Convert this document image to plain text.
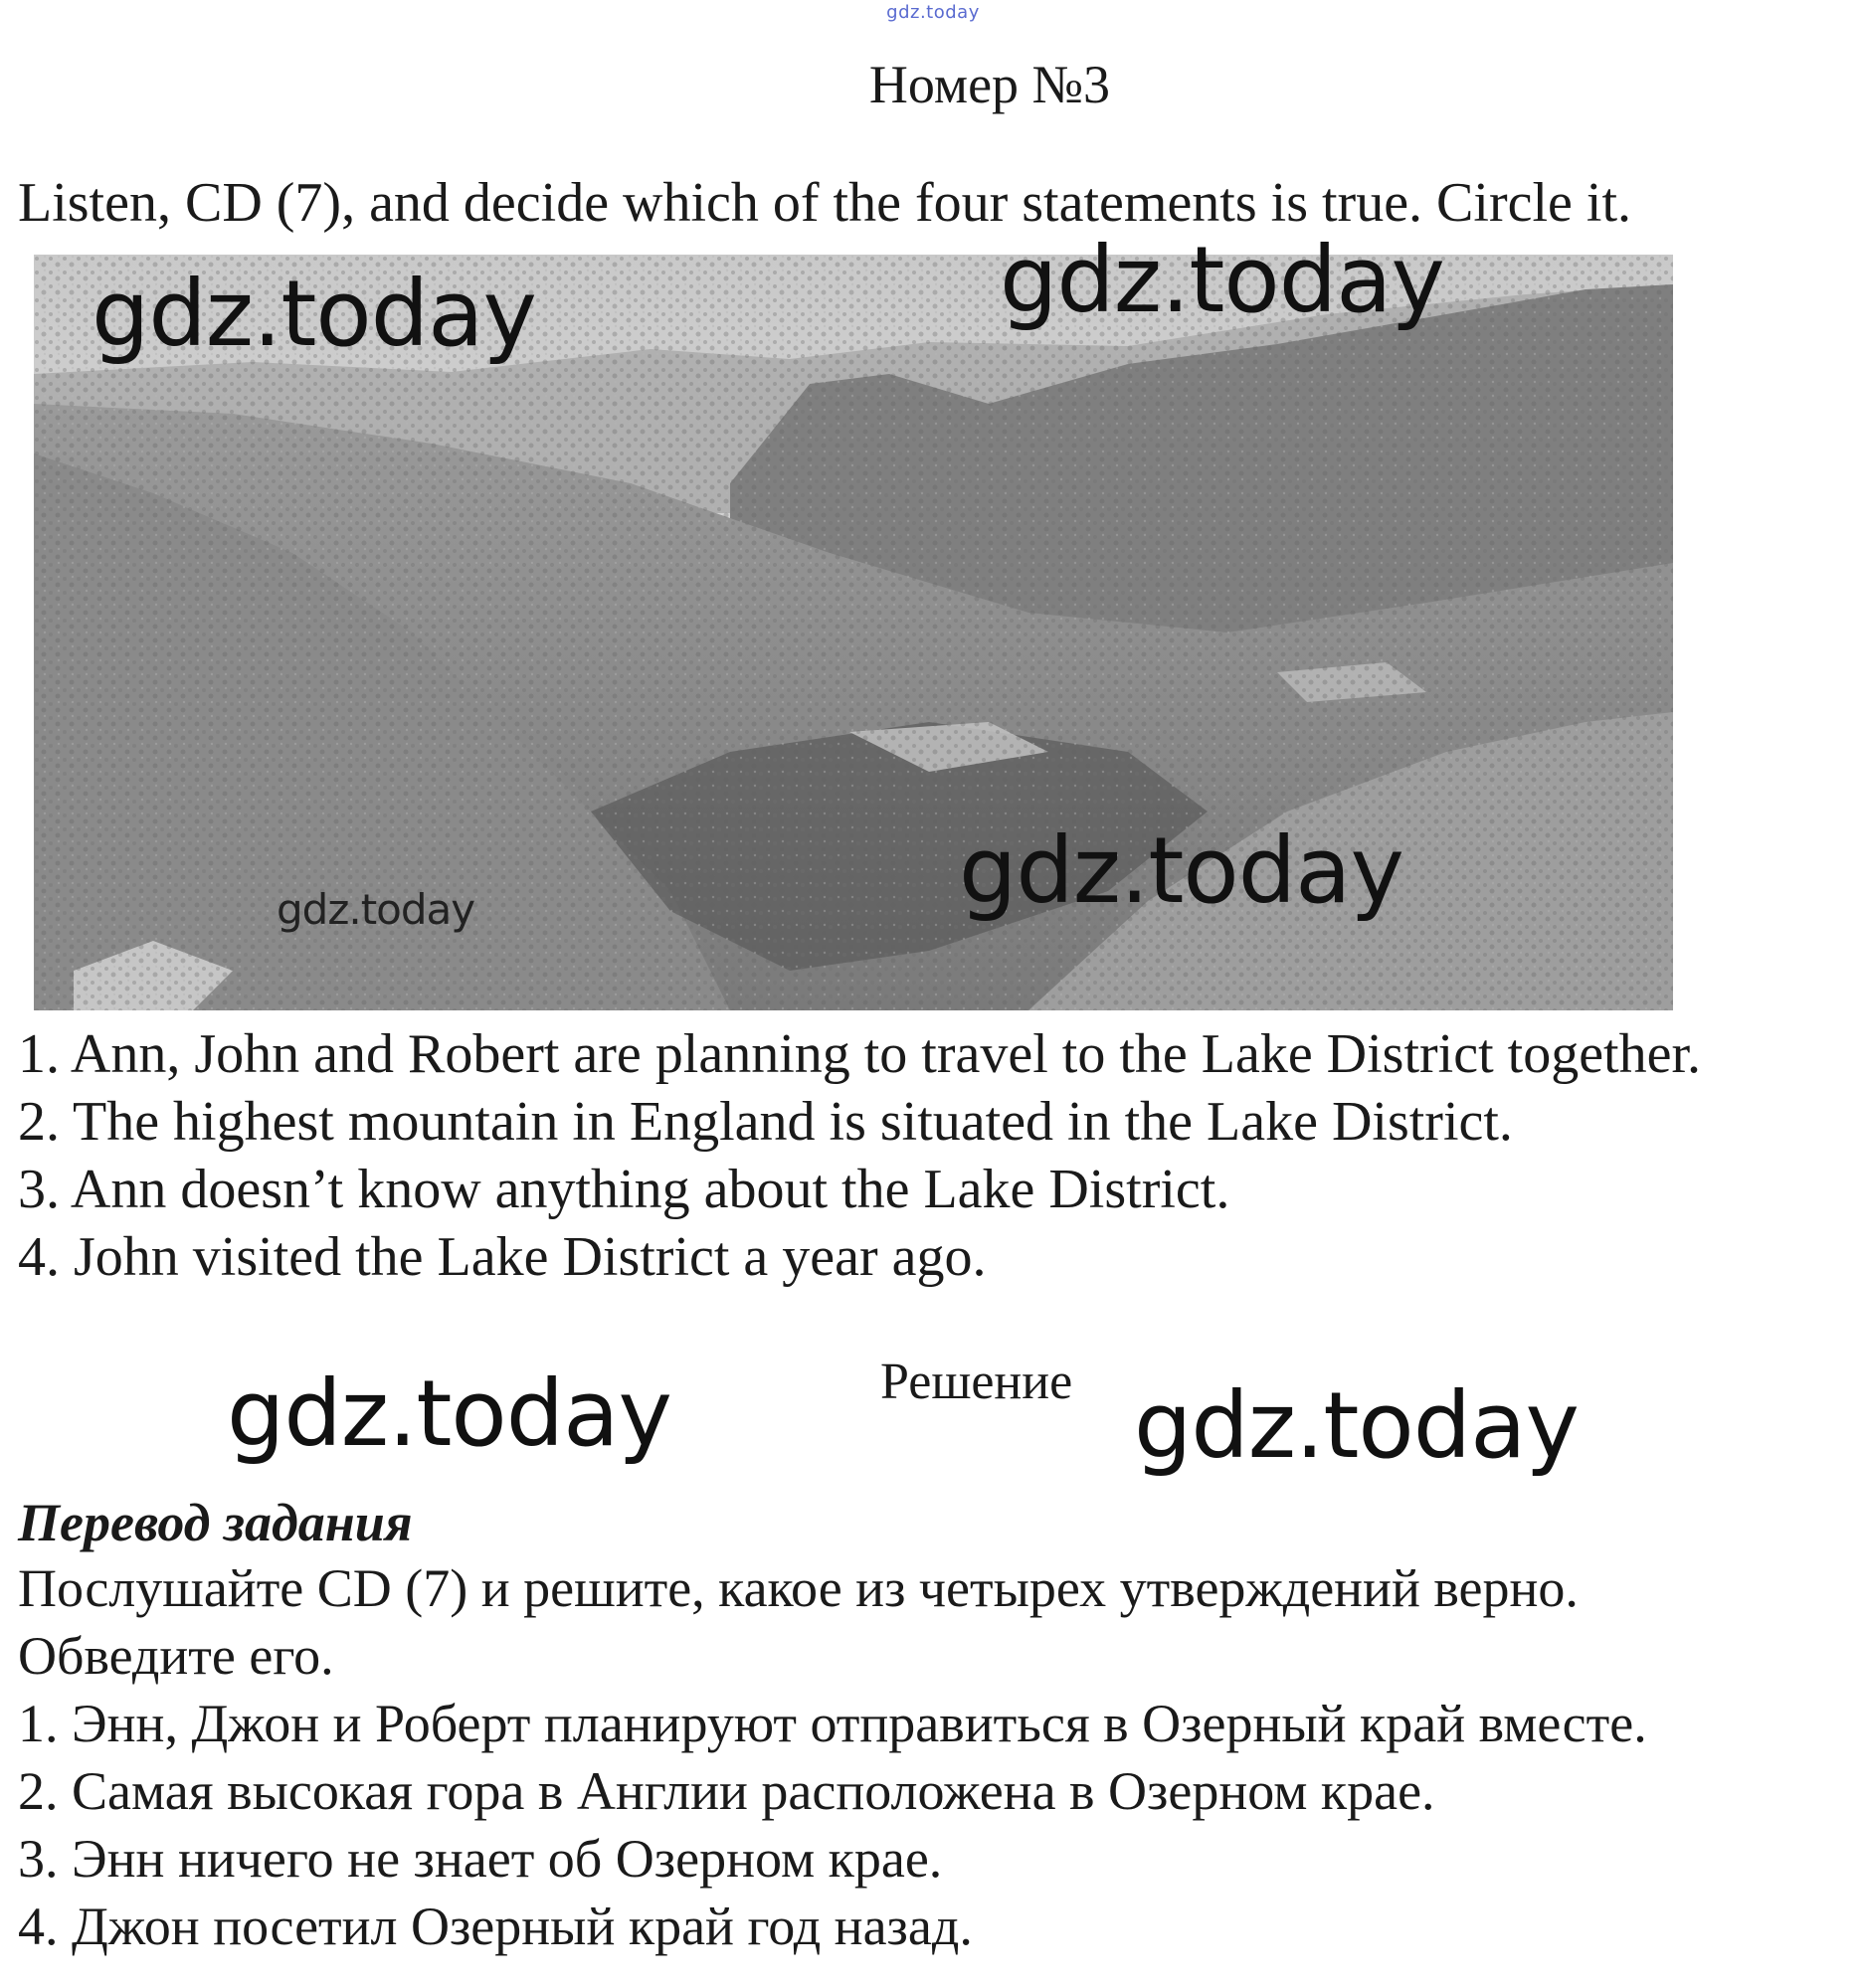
gdz.today
Номер №3
Listen, CD (7), and decide which of the four statements is true. Circle it.
gdz.today	gdz.today
gdz.today
gdz.today
1. Ann, John and Robert are planning to travel to the Lake District together.
2. The highest mountain in England is situated in the Lake District.
3. Ann doesn’t know anything about the Lake District.
4. John visited the Lake District a year ago.
Решение
gdz.today	gdz.today
Перевод задания

Послушайте CD (7) и решите, какое из четырех утверждений верно. Обведите его.

1. Энн, Джон и Роберт планируют отправиться в Озерный край вместе.
2. Самая высокая гора в Англии расположена в Озерном крае.
3. Энн ничего не знает об Озерном крае.
4. Джон посетил Озерный край год назад.
